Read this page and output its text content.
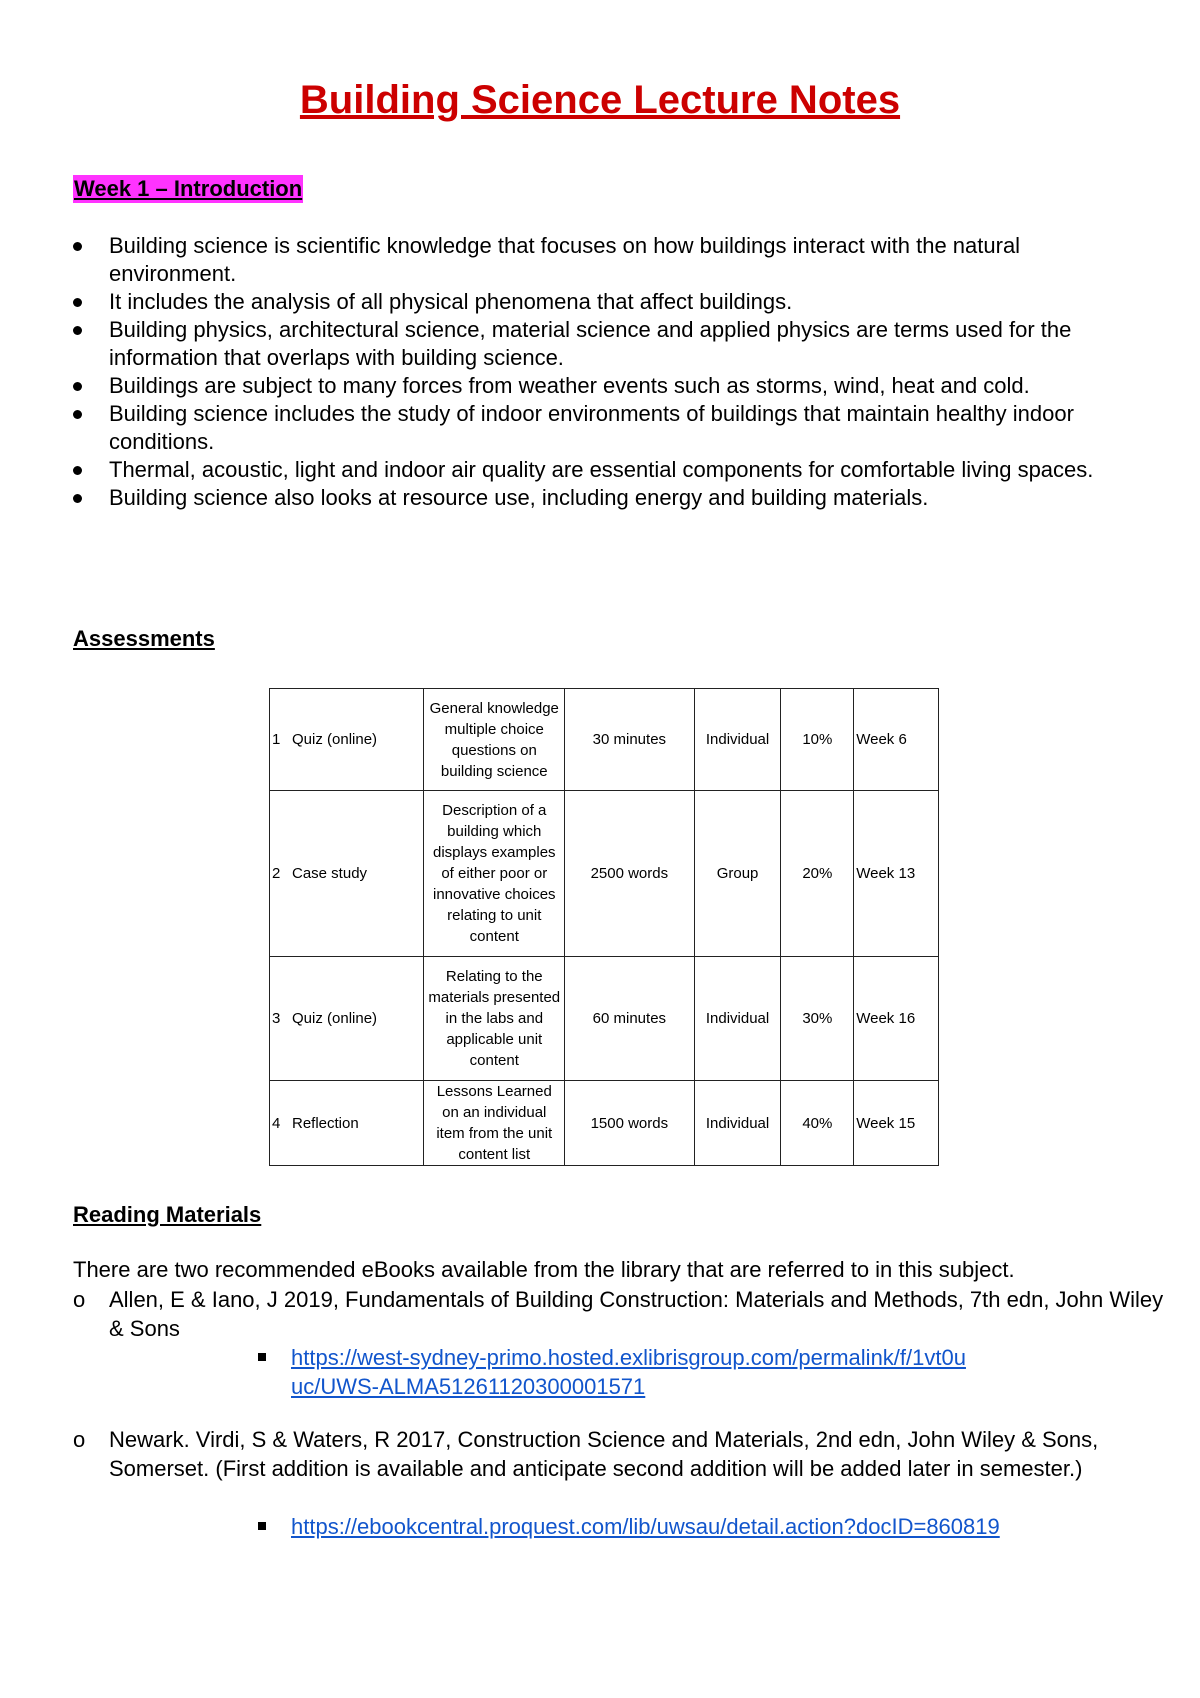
Building Science Lecture Notes
Week 1 – Introduction
Building science is scientific knowledge that focuses on how buildings interact with the natural environment.
It includes the analysis of all physical phenomena that affect buildings.
Building physics, architectural science, material science and applied physics are terms used for the information that overlaps with building science.
Buildings are subject to many forces from weather events such as storms, wind, heat and cold.
Building science includes the study of indoor environments of buildings that maintain healthy indoor conditions.
Thermal, acoustic, light and indoor air quality are essential components for comfortable living spaces.
Building science also looks at resource use, including energy and building materials.
Assessments
1 Quiz (online)	General knowledge multiple choice questions on building science	30 minutes	Individual	10%	Week 6
2 Case study	Description of a building which displays examples of either poor or innovative choices relating to unit content	2500 words	Group	20%	Week 13
3 Quiz (online)	Relating to the materials presented in the labs and applicable unit content	60 minutes	Individual	30%	Week 16
4 Reflection	Lessons Learned on an individual item from the unit content list	1500 words	Individual	40%	Week 15
Reading Materials

There are two recommended eBooks available from the library that are referred to in this subject.

o Allen, E & Iano, J 2019, Fundamentals of Building Construction: Materials and Methods, 7th edn, John Wiley & Sons
https://west-sydney-primo.hosted.exlibrisgroup.com/permalink/f/1vt0uuc/UWS-ALMA51261120300001571
o Newark. Virdi, S & Waters, R 2017, Construction Science and Materials, 2nd edn, John Wiley & Sons, Somerset. (First addition is available and anticipate second addition will be added later in semester.)
https://ebookcentral.proquest.com/lib/uwsau/detail.action?docID=860819
